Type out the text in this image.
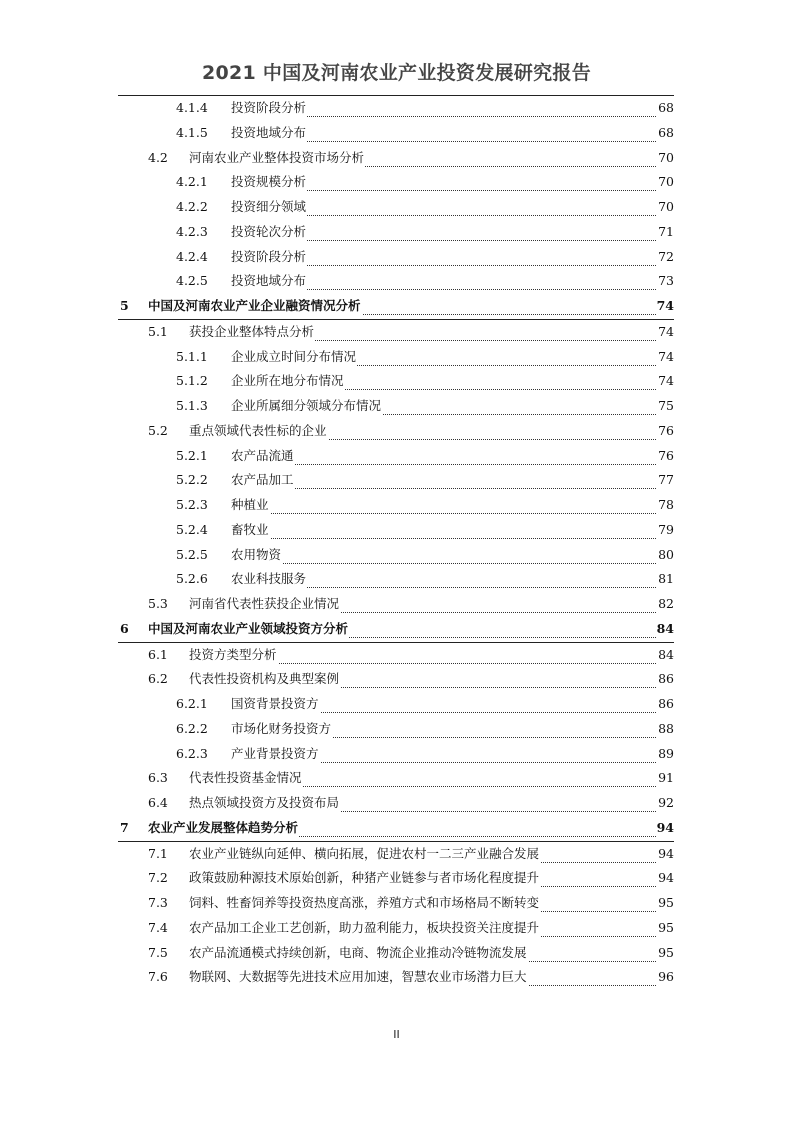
2021 中国及河南农业产业投资发展研究报告
4.1.4 投资阶段分析	68
4.1.5 投资地域分布	68
4.2 河南农业产业整体投资市场分析	70
4.2.1 投资规模分析	70
4.2.2 投资细分领域	70
4.2.3 投资轮次分析	71
4.2.4 投资阶段分析	72
4.2.5 投资地域分布	73
5 中国及河南农业产业企业融资情况分析	74
5.1 获投企业整体特点分析	74
5.1.1 企业成立时间分布情况	74
5.1.2 企业所在地分布情况	74
5.1.3 企业所属细分领域分布情况	75
5.2 重点领域代表性标的企业	76
5.2.1 农产品流通	76
5.2.2 农产品加工	77
5.2.3 种植业	78
5.2.4 畜牧业	79
5.2.5 农用物资	80
5.2.6 农业科技服务	81
5.3 河南省代表性获投企业情况	82
6 中国及河南农业产业领域投资方分析	84
6.1 投资方类型分析	84
6.2 代表性投资机构及典型案例	86
6.2.1 国资背景投资方	86
6.2.2 市场化财务投资方	88
6.2.3 产业背景投资方	89
6.3 代表性投资基金情况	91
6.4 热点领域投资方及投资布局	92
7 农业产业发展整体趋势分析	94
7.1 农业产业链纵向延伸、横向拓展，促进农村一二三产业融合发展	94
7.2 政策鼓励种源技术原始创新，种猪产业链参与者市场化程度提升	94
7.3 饲料、牲畜饲养等投资热度高涨，养殖方式和市场格局不断转变	95
7.4 农产品加工企业工艺创新，助力盈利能力，板块投资关注度提升	95
7.5 农产品流通模式持续创新，电商、物流企业推动冷链物流发展	95
7.6 物联网、大数据等先进技术应用加速，智慧农业市场潜力巨大	96
II
